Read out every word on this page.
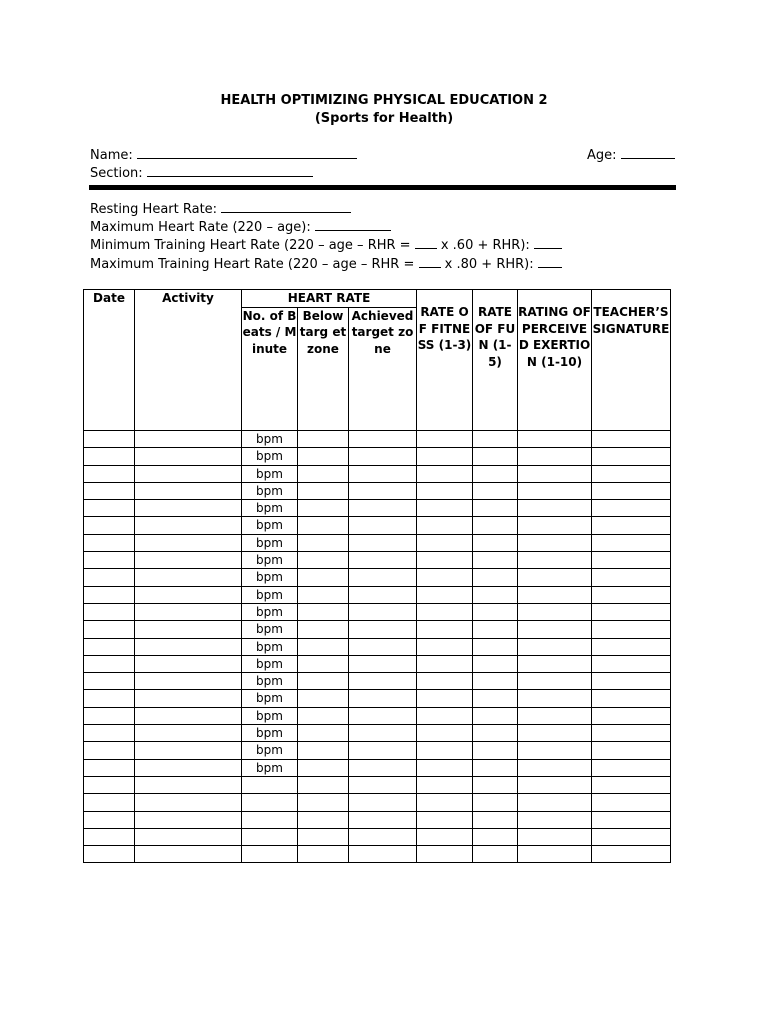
HEALTH OPTIMIZING PHYSICAL EDUCATION 2
(Sports for Health)
Name:	Age:
Section:
Resting Heart Rate:
Maximum Heart Rate (220 – age):
Minimum Training Heart Rate (220 – age – RHR = x .60 + RHR):
Maximum Training Heart Rate (220 – age – RHR = x .80 + RHR):
Date	Activity	HEART RATE			RATE OF FITNESS (1-3)	RATE OF FUN (1-5)	RATING OF PERCEIVED EXERTION (1-10)	TEACHER’S SIGNATURE
		No. of Beats / Minute	Below targ et zone	Achieved target zone				
		bpm						
		bpm						
		bpm						
		bpm						
		bpm						
		bpm						
		bpm						
		bpm						
		bpm						
		bpm						
		bpm						
		bpm						
		bpm						
		bpm						
		bpm						
		bpm						
		bpm						
		bpm						
		bpm						
		bpm						
